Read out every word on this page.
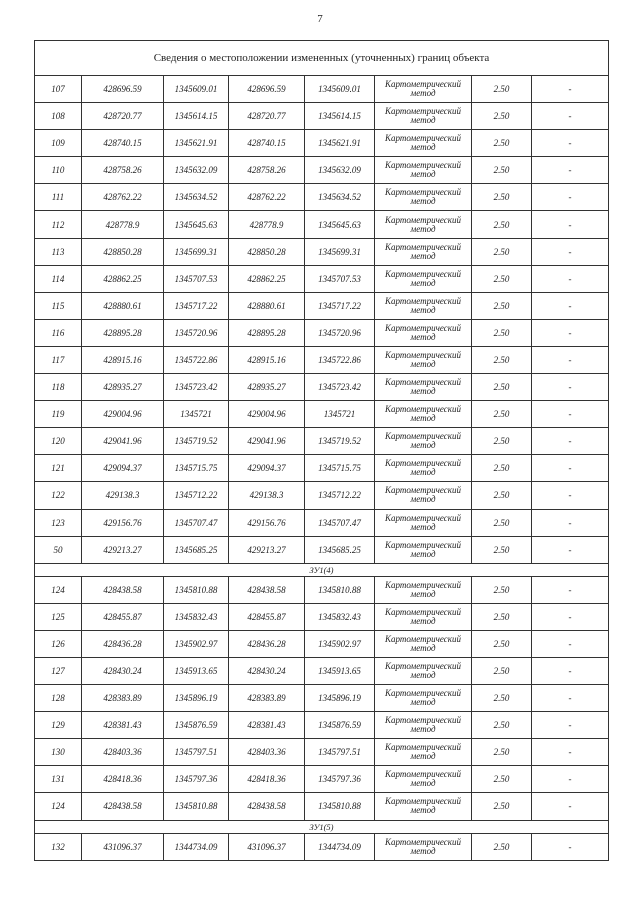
7
Сведения о местоположении измененных (уточненных) границ объекта							
107	428696.59	1345609.01	428696.59	1345609.01	Картометрический
метод	2.50	-
108	428720.77	1345614.15	428720.77	1345614.15	Картометрический
метод	2.50	-
109	428740.15	1345621.91	428740.15	1345621.91	Картометрический
метод	2.50	-
110	428758.26	1345632.09	428758.26	1345632.09	Картометрический
метод	2.50	-
111	428762.22	1345634.52	428762.22	1345634.52	Картометрический
метод	2.50	-
112	428778.9	1345645.63	428778.9	1345645.63	Картометрический
метод	2.50	-
113	428850.28	1345699.31	428850.28	1345699.31	Картометрический
метод	2.50	-
114	428862.25	1345707.53	428862.25	1345707.53	Картометрический
метод	2.50	-
115	428880.61	1345717.22	428880.61	1345717.22	Картометрический
метод	2.50	-
116	428895.28	1345720.96	428895.28	1345720.96	Картометрический
метод	2.50	-
117	428915.16	1345722.86	428915.16	1345722.86	Картометрический
метод	2.50	-
118	428935.27	1345723.42	428935.27	1345723.42	Картометрический
метод	2.50	-
119	429004.96	1345721	429004.96	1345721	Картометрический
метод	2.50	-
120	429041.96	1345719.52	429041.96	1345719.52	Картометрический
метод	2.50	-
121	429094.37	1345715.75	429094.37	1345715.75	Картометрический
метод	2.50	-
122	429138.3	1345712.22	429138.3	1345712.22	Картометрический
метод	2.50	-
123	429156.76	1345707.47	429156.76	1345707.47	Картометрический
метод	2.50	-
50	429213.27	1345685.25	429213.27	1345685.25	Картометрический
метод	2.50	-
ЗУ1(4)							
124	428438.58	1345810.88	428438.58	1345810.88	Картометрический
метод	2.50	-
125	428455.87	1345832.43	428455.87	1345832.43	Картометрический
метод	2.50	-
126	428436.28	1345902.97	428436.28	1345902.97	Картометрический
метод	2.50	-
127	428430.24	1345913.65	428430.24	1345913.65	Картометрический
метод	2.50	-
128	428383.89	1345896.19	428383.89	1345896.19	Картометрический
метод	2.50	-
129	428381.43	1345876.59	428381.43	1345876.59	Картометрический
метод	2.50	-
130	428403.36	1345797.51	428403.36	1345797.51	Картометрический
метод	2.50	-
131	428418.36	1345797.36	428418.36	1345797.36	Картометрический
метод	2.50	-
124	428438.58	1345810.88	428438.58	1345810.88	Картометрический
метод	2.50	-
ЗУ1(5)							
132	431096.37	1344734.09	431096.37	1344734.09	Картометрический
метод	2.50	-
